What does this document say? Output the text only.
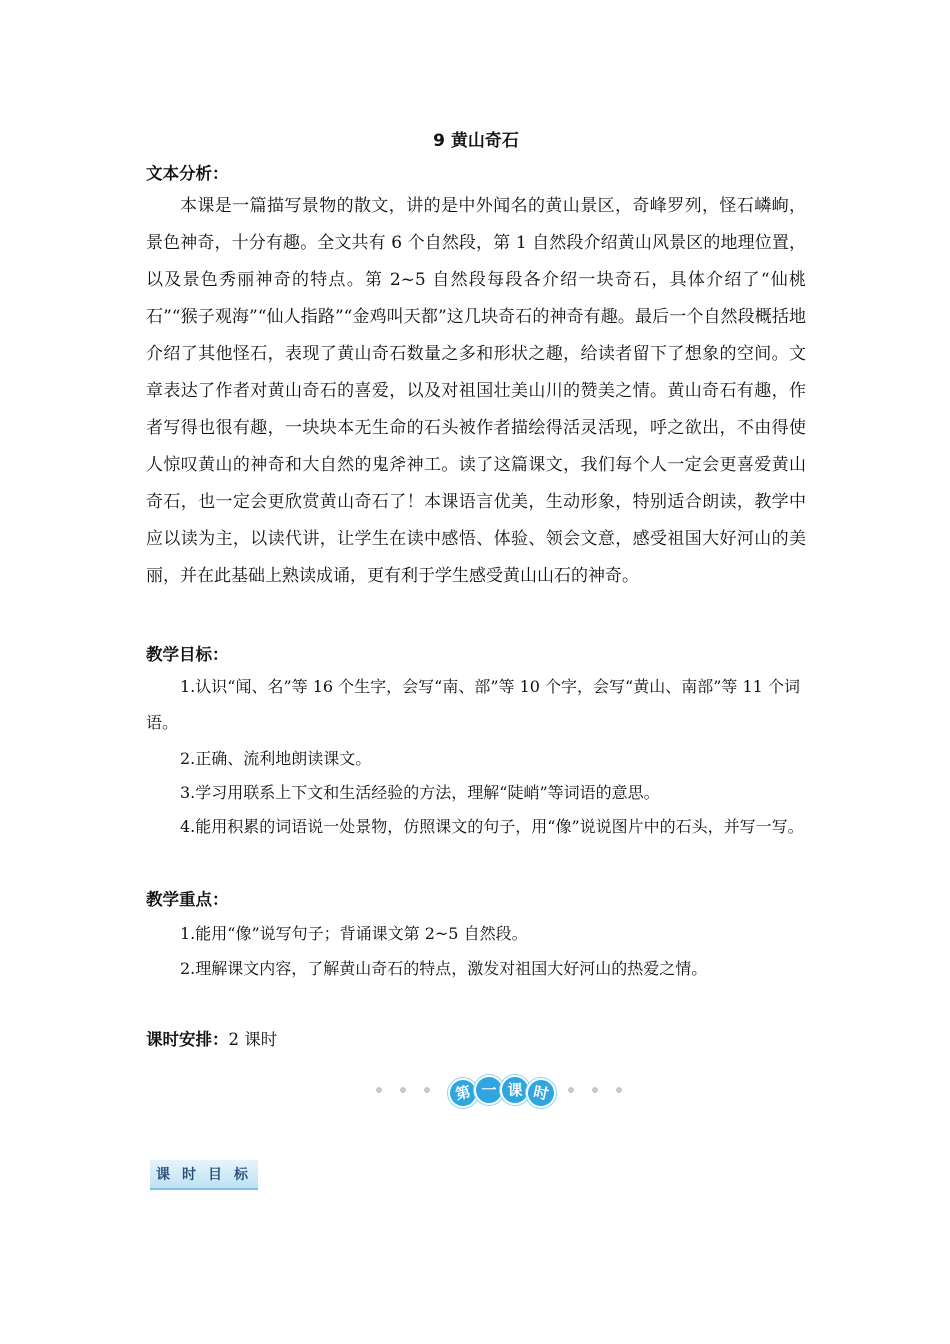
9 黄山奇石
文本分析：

本课是一篇描写景物的散文，讲的是中外闻名的黄山景区，奇峰罗列，怪石嶙峋，景色神奇，十分有趣。全文共有 6 个自然段，第 1 自然段介绍黄山风景区的地理位置，以及景色秀丽神奇的特点。第 2~5 自然段每段各介绍一块奇石，具体介绍了“仙桃石”“猴子观海”“仙人指路”“金鸡叫天都”这几块奇石的神奇有趣。最后一个自然段概括地介绍了其他怪石，表现了黄山奇石数量之多和形状之趣，给读者留下了想象的空间。文章表达了作者对黄山奇石的喜爱，以及对祖国壮美山川的赞美之情。黄山奇石有趣，作者写得也很有趣，一块块本无生命的石头被作者描绘得活灵活现，呼之欲出，不由得使人惊叹黄山的神奇和大自然的鬼斧神工。读了这篇课文，我们每个人一定会更喜爱黄山奇石，也一定会更欣赏黄山奇石了！本课语言优美，生动形象，特别适合朗读，教学中应以读为主，以读代讲，让学生在读中感悟、体验、领会文意，感受祖国大好河山的美丽，并在此基础上熟读成诵，更有利于学生感受黄山山石的神奇。

教学目标：

1.认识“闻、名”等 16 个生字，会写“南、部”等 10 个字，会写“黄山、南部”等 11 个词语。

2.正确、流利地朗读课文。

3.学习用联系上下文和生活经验的方法，理解“陡峭”等词语的意思。

4.能用积累的词语说一处景物，仿照课文的句子，用“像”说说图片中的石头，并写一写。

教学重点：

1.能用“像”说写句子；背诵课文第 2~5 自然段。

2.理解课文内容，了解黄山奇石的特点，激发对祖国大好河山的热爱之情。

课时安排：2 课时
第 一 课 时
课 时 目 标
